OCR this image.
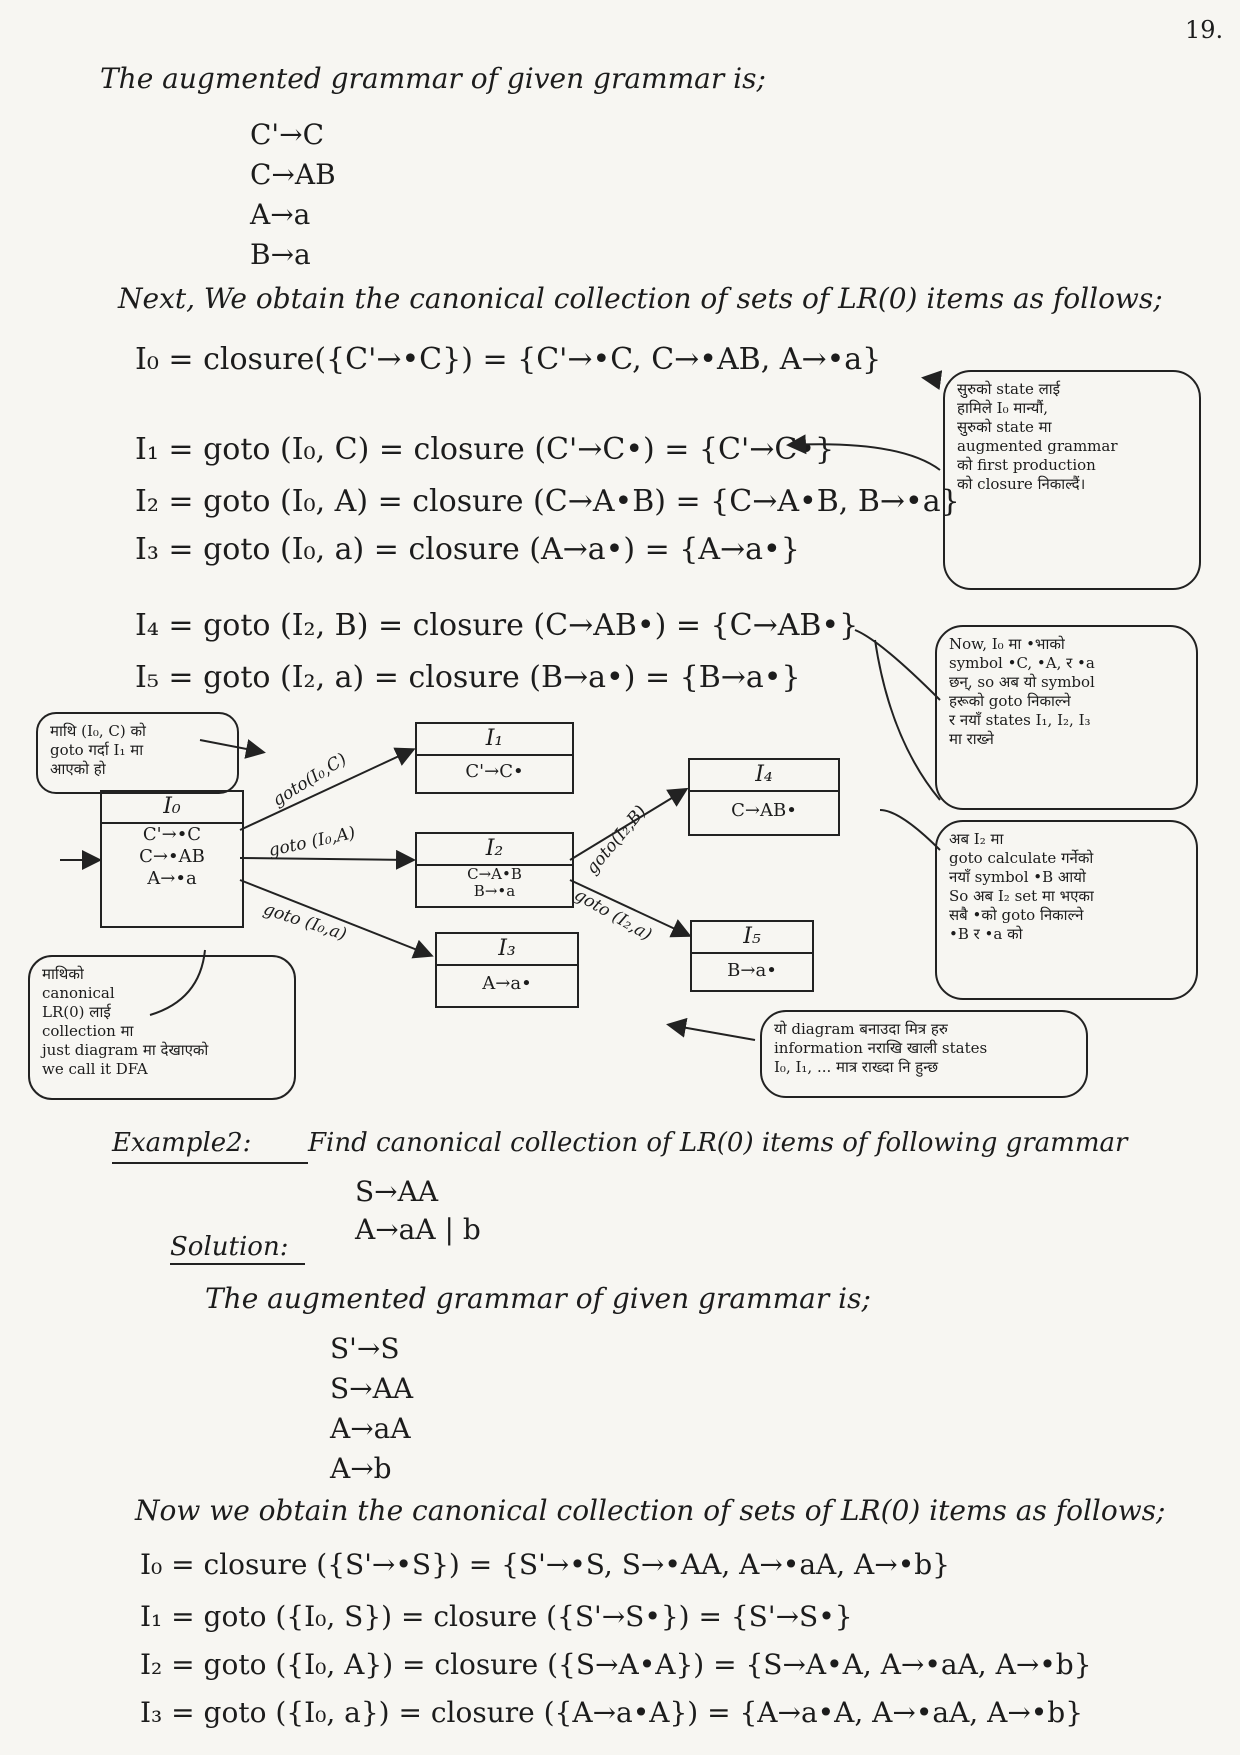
19.
The augmented grammar of given grammar is;
C'→C
C→AB
A→a
B→a
Next, We obtain the canonical collection of sets of LR(0) items as follows;
I₀ = closure({C'→•C}) = {C'→•C, C→•AB, A→•a}
I₁ = goto (I₀, C) = closure (C'→C•) = {C'→C•}
I₂ = goto (I₀, A) = closure (C→A•B) = {C→A•B, B→•a}
I₃ = goto (I₀, a) = closure (A→a•) = {A→a•}
I₄ = goto (I₂, B) = closure (C→AB•) = {C→AB•}
I₅ = goto (I₂, a) = closure (B→a•) = {B→a•}
सुरुको state लाई
हामिले I₀ मान्यौं,
सुरुको state मा
augmented grammar
को first production
को closure निकाल्दैं।
Now, I₀ मा •भाको
symbol •C, •A, र •a
छन्, so अब यो symbol
हरूको goto निकाल्ने
र नयाँ states I₁, I₂, I₃
मा राख्ने
अब I₂ मा
goto calculate गर्नेको
नयाँ symbol •B आयो
So अब I₂ set मा भएका
सबै •को goto निकाल्ने
•B र •a को
माथि (I₀, C) को
goto गर्दा I₁ मा
आएको हो
माथिको
canonical
LR(0) लाई
collection मा
just diagram मा देखाएको
we call it DFA
यो diagram बनाउदा मित्र हरु
information नराखि खाली states
I₀, I₁, ... मात्र राख्दा नि हुन्छ
I₀
C'→•C
C→•AB
A→•a
I₁
C'→C•
I₂
C→A•B
B→•a
I₃
A→a•
I₄
C→AB•
I₅
B→a•
goto(I₀,C)
goto (I₀,A)
goto (I₀,a)
goto(I₂,B)
goto (I₂,a)
Example2: Find canonical collection of LR(0) items of following grammar
S→AA
A→aA | b
Solution:
The augmented grammar of given grammar is;
S'→S
S→AA
A→aA
A→b
Now we obtain the canonical collection of sets of LR(0) items as follows;
I₀ = closure ({S'→•S}) = {S'→•S, S→•AA, A→•aA, A→•b}
I₁ = goto ({I₀, S}) = closure ({S'→S•}) = {S'→S•}
I₂ = goto ({I₀, A}) = closure ({S→A•A}) = {S→A•A, A→•aA, A→•b}
I₃ = goto ({I₀, a}) = closure ({A→a•A}) = {A→a•A, A→•aA, A→•b}
